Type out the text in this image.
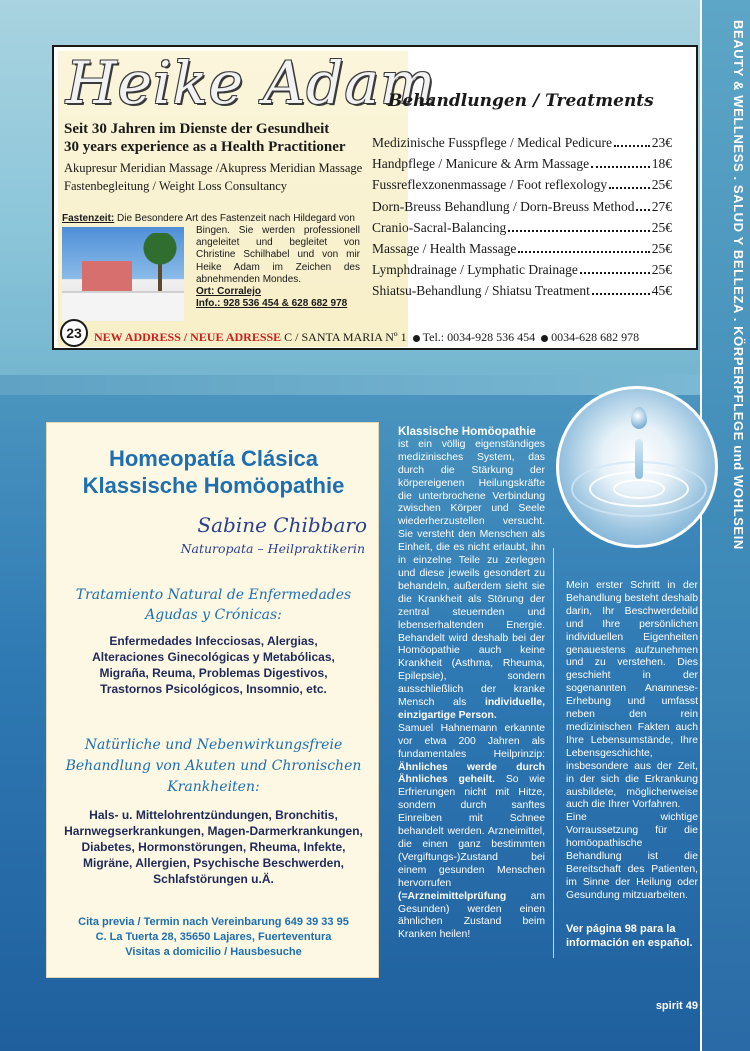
BEAUTY & WELLNESS . SALUD Y BELLEZA . KÖRPERPFLEGE und WOHLSEIN
Heike Adam
Behandlungen / Treatments
Seit 30 Jahren im Dienste der Gesundheit
30 years experience as a Health Practitioner
Akupresur Meridian Massage /Akupress Meridian Massage
Fastenbegleitung / Weight Loss Consultancy
Fastenzeit: Die Besondere Art des Fastenzeit nach Hildegard von
Bingen. Sie werden professionell angeleitet und begleitet von Christine Schilhabel und von mir Heike Adam im Zeichen des abnehmenden Mondes.
Ort: Corralejo
Info.: 928 536 454 & 628 682 978
23
Medizinische Fusspflege / Medical Pedicure	23€
Handpflege / Manicure & Arm Massage	18€
Fussreflexzonenmassage / Foot reflexology	25€
Dorn-Breuss Behandlung / Dorn-Breuss Method 27€
Cranio-Sacral-Balancing	25€
Massage / Health Massage	25€
Lymphdrainage / Lymphatic Drainage	25€
Shiatsu-Behandlung / Shiatsu Treatment	45€
NEW ADDRESS / NEUE ADRESSE C / SANTA MARIA Nº 1 Tel.: 0034-928 536 454 0034-628 682 978
Homeopatía Clásica
Klassische Homöopathie
Sabine Chibbaro
Naturopata – Heilpraktikerin
Tratamiento Natural de Enfermedades
Agudas y Crónicas:
Enfermedades Infecciosas, Alergias,
Alteraciones Ginecológicas y Metabólicas,
Migraña, Reuma, Problemas Digestivos,
Trastornos Psicológicos, Insomnio, etc.
Natürliche und Nebenwirkungsfreie
Behandlung von Akuten und Chronischen
Krankheiten:
Hals- u. Mittelohrentzündungen, Bronchitis,
Harnwegserkrankungen, Magen-Darmerkrankungen,
Diabetes, Hormonstörungen, Rheuma, Infekte,
Migräne, Allergien, Psychische Beschwerden,
Schlafstörungen u.Ä.
Cita previa / Termin nach Vereinbarung 649 39 33 95
C. La Tuerta 28, 35650 Lajares, Fuerteventura
Visitas a domicilio / Hausbesuche
Klassische Homöopathie
ist ein völlig eigenständiges medizinisches System, das durch die Stärkung der körpereigenen Heilungskräfte die unterbrochene Verbindung zwischen Körper und Seele wiederherzustellen versucht. Sie versteht den Menschen als Einheit, die es nicht erlaubt, ihn in einzelne Teile zu zerlegen und diese jeweils gesondert zu behandeln, außerdem sieht sie die Krankheit als Störung der zentral steuernden und lebenserhaltenden Energie. Behandelt wird deshalb bei der Homöopathie auch keine Krankheit (Asthma, Rheuma, Epilepsie), sondern ausschließlich der kranke Mensch als individuelle, einzigartige Person.
Samuel Hahnemann erkannte vor etwa 200 Jahren als fundamentales Heilprinzip: Ähnliches werde durch Ähnliches geheilt. So wie Erfrierungen nicht mit Hitze, sondern durch sanftes Einreiben mit Schnee behandelt werden. Arzneimittel, die einen ganz bestimmten (Vergiftungs-)Zustand bei einem gesunden Menschen hervorrufen (=Arzneimittelprüfung am Gesunden) werden einen ähnlichen Zustand beim Kranken heilen!

Mein erster Schritt in der Behandlung besteht deshalb darin, Ihr Beschwerdebild und Ihre persönlichen individuellen Eigenheiten genauestens aufzunehmen und zu verstehen. Dies geschieht in der sogenannten Anamnese-Erhebung und umfasst neben den rein medizinischen Fakten auch Ihre Lebensumstände, Ihre Lebensgeschichte, insbesondere aus der Zeit, in der sich die Erkrankung ausbildete, möglicherweise auch die Ihrer Vorfahren.

Eine wichtige Vorraussetzung für die homöopathische Behandlung ist die Bereitschaft des Patienten, im Sinne der Heilung oder Gesundung mitzuarbeiten.

Ver página 98 para la información en español.
spirit 49
